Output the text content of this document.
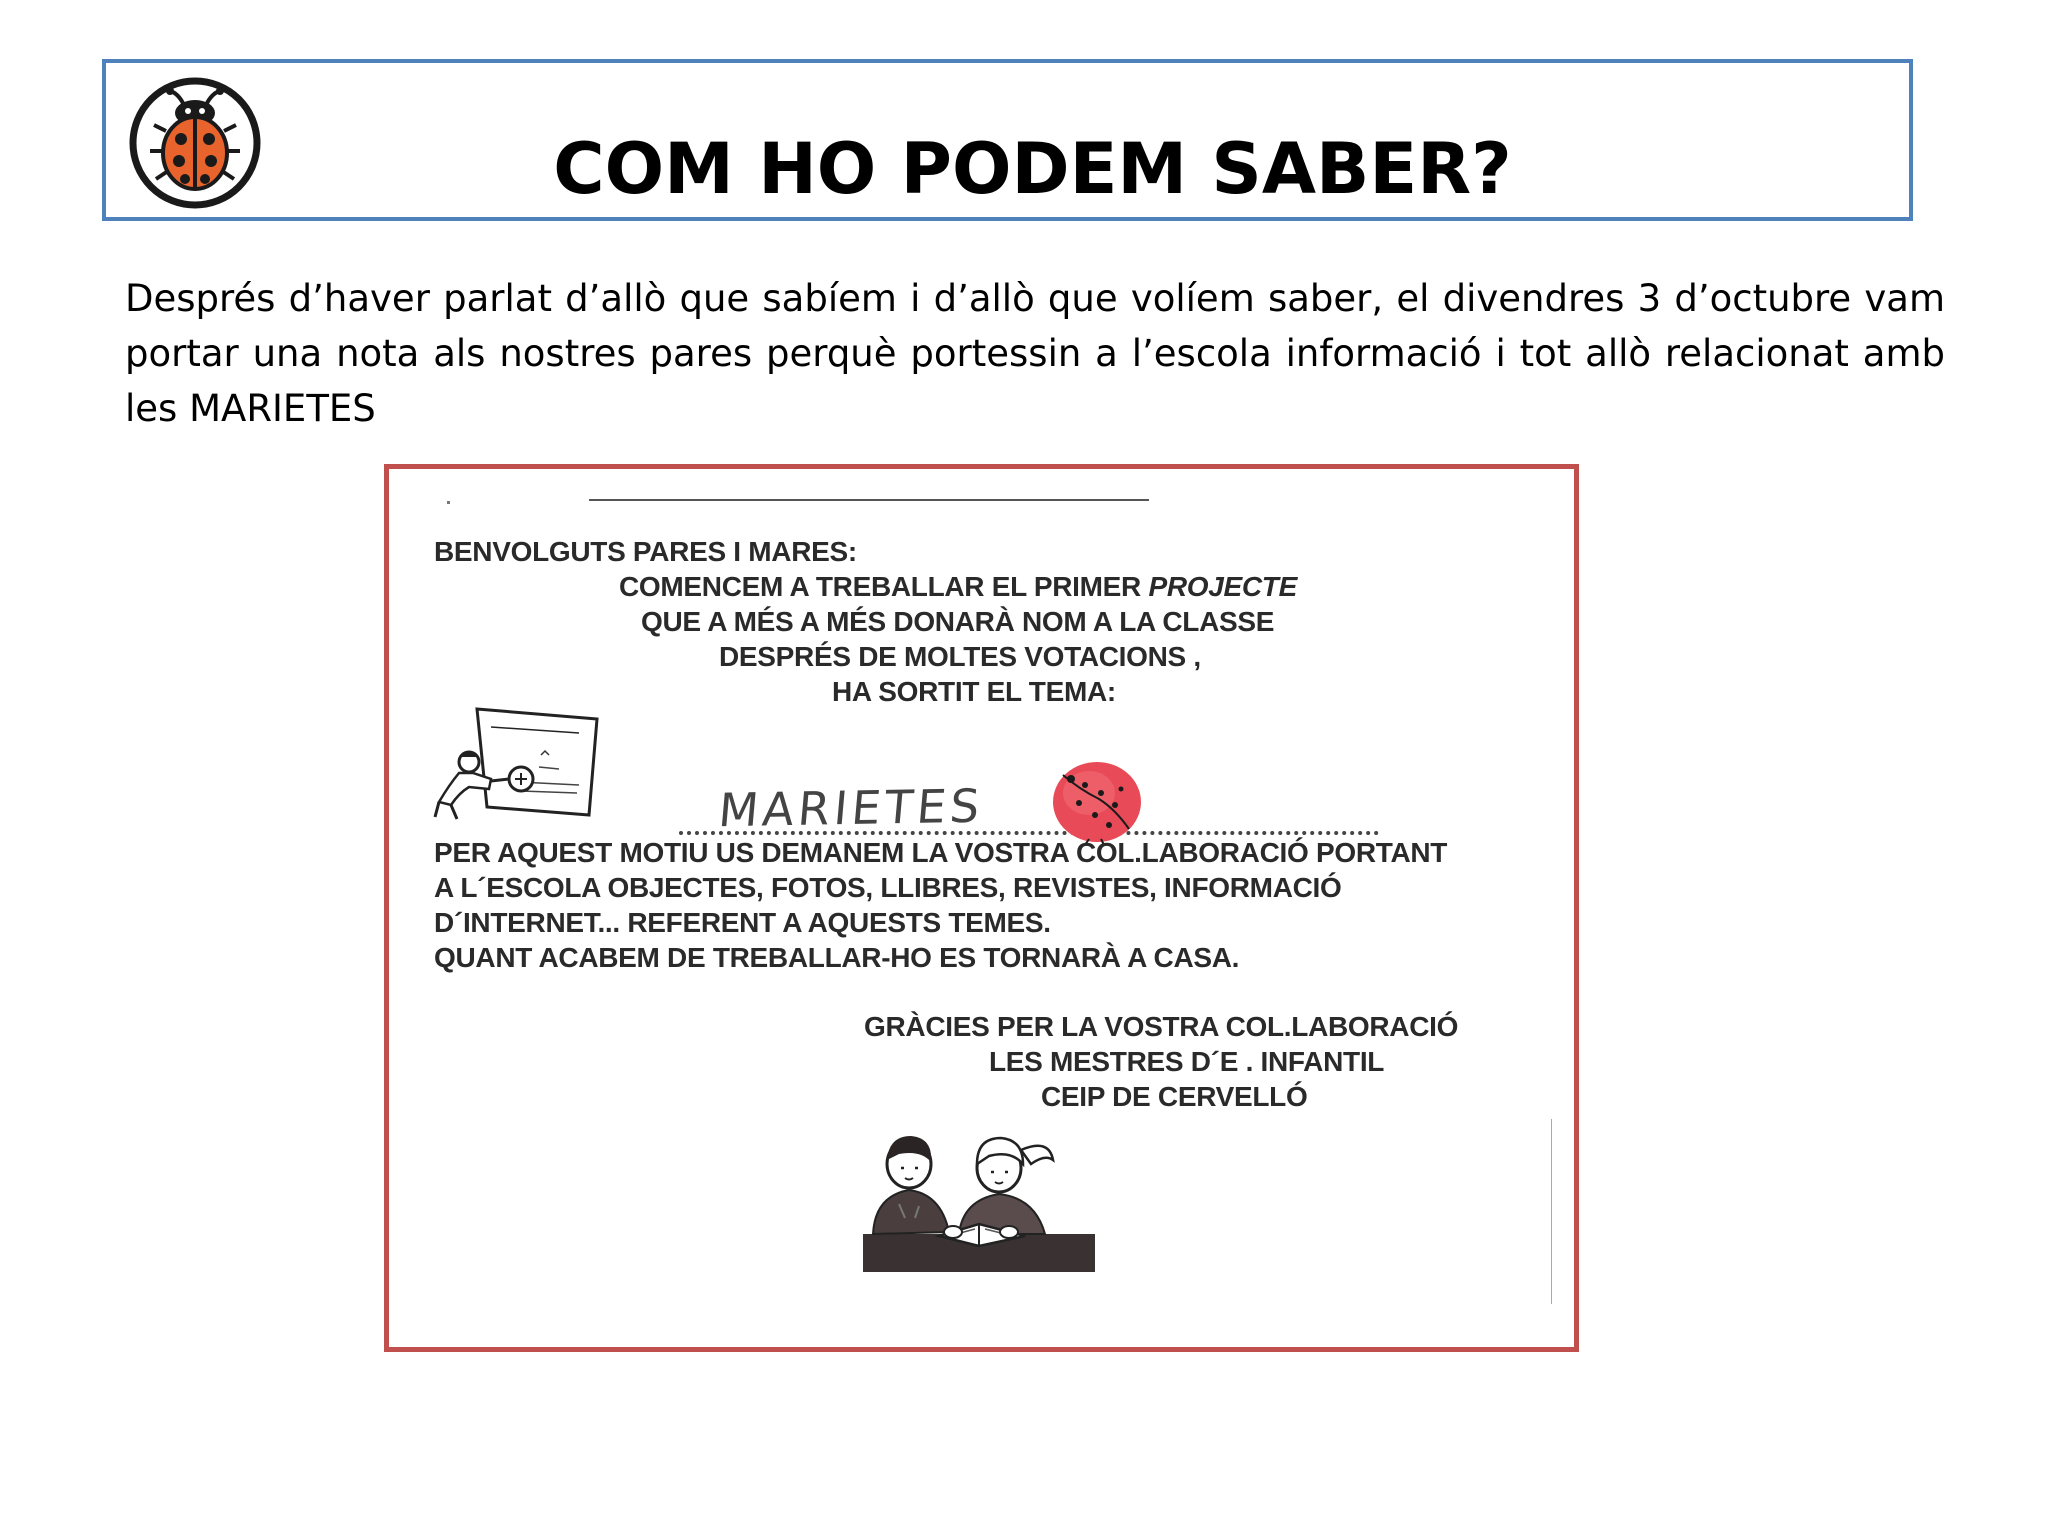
COM HO PODEM SABER?

Després d’haver parlat d’allò que sabíem i d’allò que volíem saber, el divendres 3 d’octubre vam portar una nota als nostres pares perquè portessin a l’escola informació i tot allò relacionat amb les MARIETES

BENVOLGUTS PARES I MARES:
COMENCEM A TREBALLAR EL PRIMER PROJECTE
QUE A MÉS A MÉS DONARÀ NOM A LA CLASSE
DESPRÉS DE MOLTES VOTACIONS ,
HA SORTIT EL TEMA:
MARIETES
PER AQUEST MOTIU US DEMANEM LA VOSTRA COL.LABORACIÓ PORTANT
A L´ESCOLA OBJECTES, FOTOS, LLIBRES, REVISTES, INFORMACIÓ
D´INTERNET... REFERENT A AQUESTS TEMES.
QUANT ACABEM DE TREBALLAR-HO ES TORNARÀ A CASA.
GRÀCIES PER LA VOSTRA COL.LABORACIÓ
LES MESTRES D´E . INFANTIL
CEIP DE CERVELLÓ
